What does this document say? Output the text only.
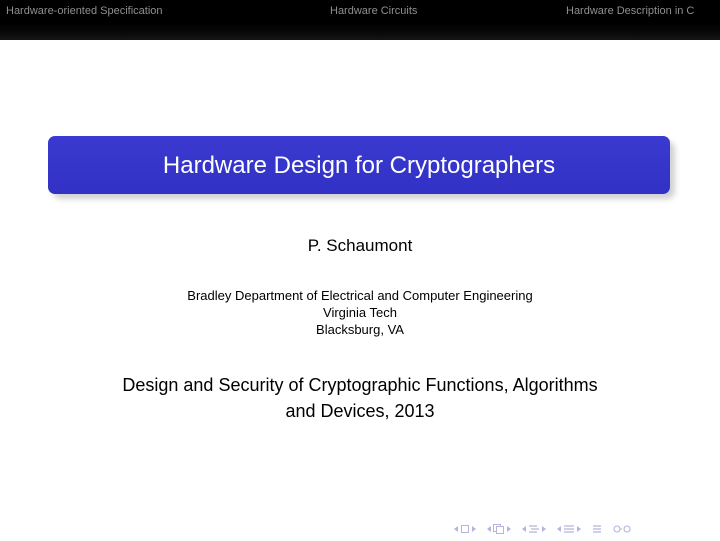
Hardware-oriented Specification	Hardware Circuits	Hardware Description in C
Hardware Design for Cryptographers
P. Schaumont
Bradley Department of Electrical and Computer Engineering
Virginia Tech
Blacksburg, VA
Design and Security of Cryptographic Functions, Algorithms
and Devices, 2013
